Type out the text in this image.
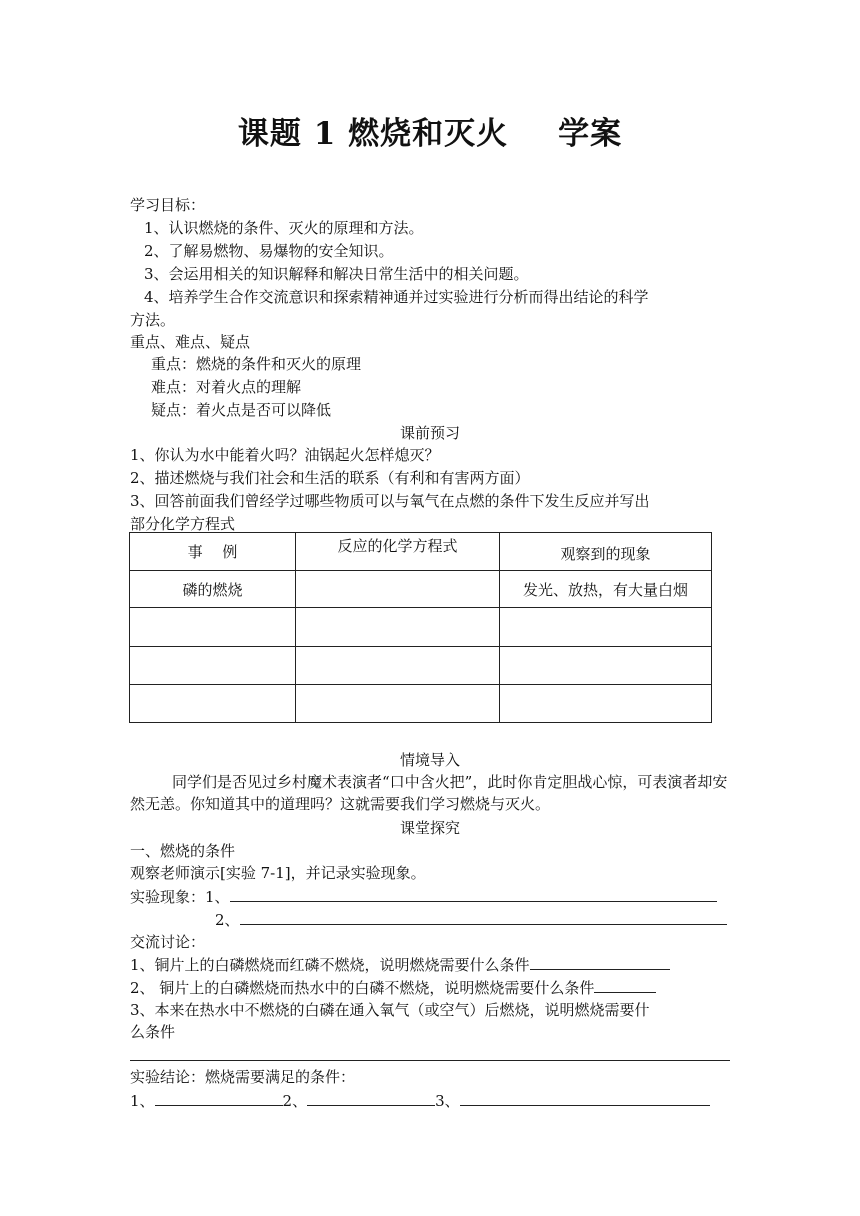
课题 1 燃烧和灭火 学案
学习目标：
1、认识燃烧的条件、灭火的原理和方法。
2、了解易燃物、易爆物的安全知识。
3、会运用相关的知识解释和解决日常生活中的相关问题。
4、培养学生合作交流意识和探索精神通并过实验进行分析而得出结论的科学
方法。
重点、难点、疑点
重点：燃烧的条件和灭火的原理
难点：对着火点的理解
疑点：着火点是否可以降低
课前预习
1、你认为水中能着火吗？油锅起火怎样熄灭？
2、描述燃烧与我们社会和生活的联系（有利和有害两方面）
3、回答前面我们曾经学过哪些物质可以与氧气在点燃的条件下发生反应并写出
部分化学方程式
事　 例	反应的化学方程式	观察到的现象
磷的燃烧		发光、放热，有大量白烟

情境导入
同学们是否见过乡村魔术表演者“口中含火把”，此时你肯定胆战心惊，可表演者却安然无恙。你知道其中的道理吗？这就需要我们学习燃烧与灭火。
课堂探究
一、燃烧的条件
观察老师演示[实验 7-1]，并记录实验现象。
实验现象：1、
2、
交流讨论：
1、铜片上的白磷燃烧而红磷不燃烧，说明燃烧需要什么条件
2、 铜片上的白磷燃烧而热水中的白磷不燃烧，说明燃烧需要什么条件
3、本来在热水中不燃烧的白磷在通入氧气（或空气）后燃烧，说明燃烧需要什
么条件
实验结论：燃烧需要满足的条件：
1、	2、	3、
